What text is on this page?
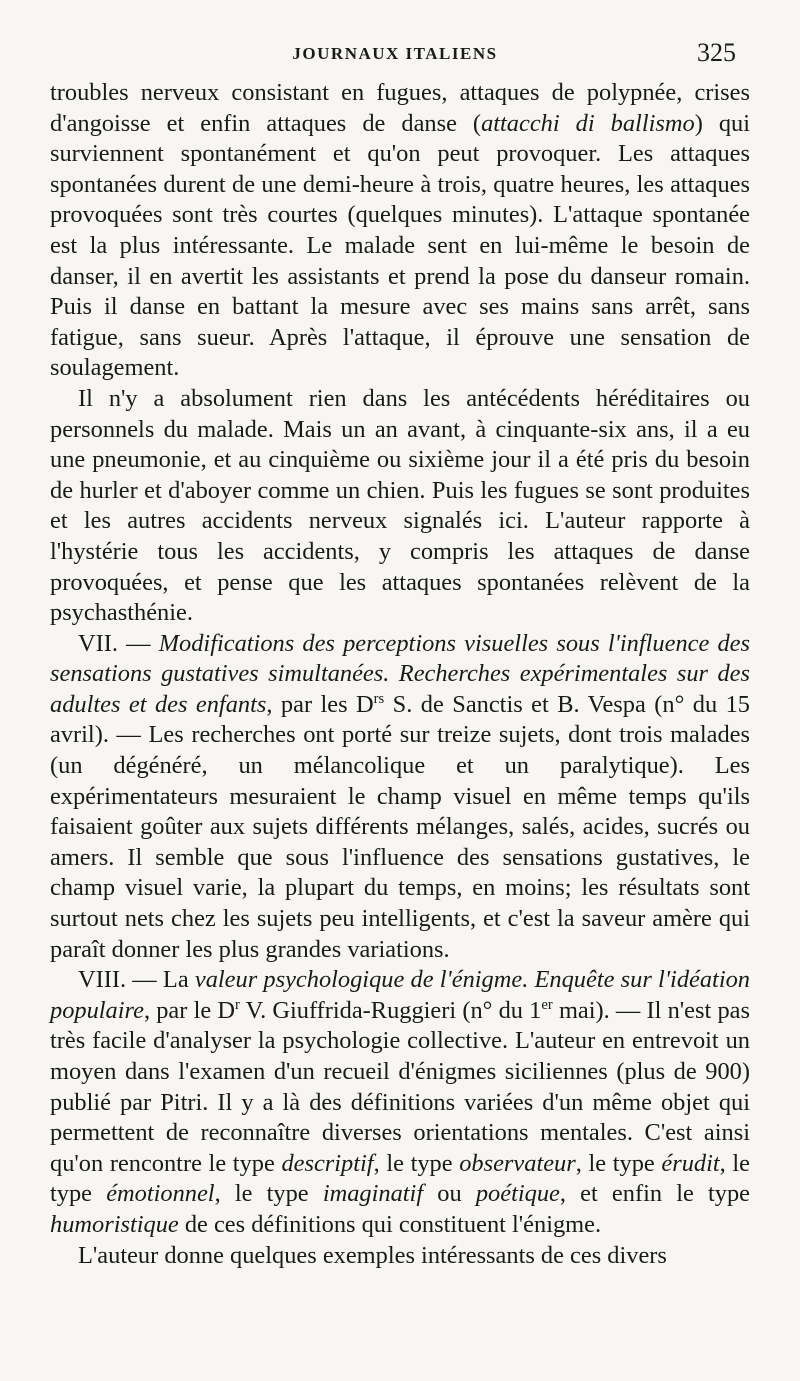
JOURNAUX ITALIENS	325

troubles nerveux consistant en fugues, attaques de polypnée, crises d'angoisse et enfin attaques de danse (attacchi di ballismo) qui surviennent spontanément et qu'on peut provoquer. Les attaques spontanées durent de une demi-heure à trois, quatre heures, les attaques provoquées sont très courtes (quelques minutes). L'attaque spontanée est la plus intéressante. Le malade sent en lui-même le besoin de danser, il en avertit les assistants et prend la pose du danseur romain. Puis il danse en battant la mesure avec ses mains sans arrêt, sans fatigue, sans sueur. Après l'attaque, il éprouve une sensation de soulagement.

Il n'y a absolument rien dans les antécédents héréditaires ou personnels du malade. Mais un an avant, à cinquante-six ans, il a eu une pneumonie, et au cinquième ou sixième jour il a été pris du besoin de hurler et d'aboyer comme un chien. Puis les fugues se sont produites et les autres accidents nerveux signalés ici. L'auteur rapporte à l'hystérie tous les accidents, y compris les attaques de danse provoquées, et pense que les attaques spontanées relèvent de la psychasthénie.

VII. — Modifications des perceptions visuelles sous l'influence des sensations gustatives simultanées. Recherches expérimentales sur des adultes et des enfants, par les $D^{rs}$ S. de Sanctis et B. Vespa (n° du 15 avril). — Les recherches ont porté sur treize sujets, dont trois malades (un dégénéré, un mélancolique et un paralytique). Les expérimentateurs mesuraient le champ visuel en même temps qu'ils faisaient goûter aux sujets différents mélanges, salés, acides, sucrés ou amers. Il semble que sous l'influence des sensations gustatives, le champ visuel varie, la plupart du temps, en moins; les résultats sont surtout nets chez les sujets peu intelligents, et c'est la saveur amère qui paraît donner les plus grandes variations.

VIII. — La valeur psychologique de l'énigme. Enquête sur l'idéation populaire, par le $D^r$ V. Giuffrida-Ruggieri (n° du 1er mai). — Il n'est pas très facile d'analyser la psychologie collective. L'auteur en entrevoit un moyen dans l'examen d'un recueil d'énigmes siciliennes (plus de 900) publié par Pitri. Il y a là des définitions variées d'un même objet qui permettent de reconnaître diverses orientations mentales. C'est ainsi qu'on rencontre le type descriptif, le type observateur, le type érudit, le type émotionnel, le type imaginatif ou poétique, et enfin le type humoristique de ces définitions qui constituent l'énigme.

L'auteur donne quelques exemples intéressants de ces divers
